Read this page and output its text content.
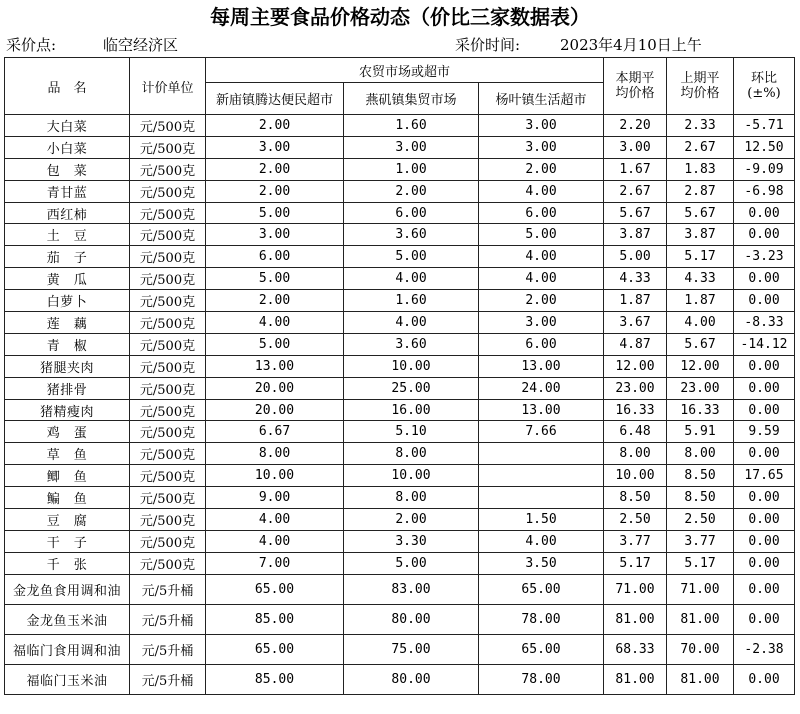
每周主要食品价格动态（价比三家数据表）
采价点:	临空经济区	采价时间:	2023年4月10日上午
品　名	计价单位	农贸市场或超市			本期平均价格	上期平均价格	环比(±%)

		新庙镇腾达便民超市	燕矶镇集贸市场	杨叶镇生活超市			
大白菜	元/500克	2.00	1.60	3.00	2.20	2.33	-5.71
小白菜	元/500克	3.00	3.00	3.00	3.00	2.67	12.50
包　菜	元/500克	2.00	1.00	2.00	1.67	1.83	-9.09
青甘蓝	元/500克	2.00	2.00	4.00	2.67	2.87	-6.98
西红柿	元/500克	5.00	6.00	6.00	5.67	5.67	0.00
土　豆	元/500克	3.00	3.60	5.00	3.87	3.87	0.00
茄　子	元/500克	6.00	5.00	4.00	5.00	5.17	-3.23
黄　瓜	元/500克	5.00	4.00	4.00	4.33	4.33	0.00
白萝卜	元/500克	2.00	1.60	2.00	1.87	1.87	0.00
莲　藕	元/500克	4.00	4.00	3.00	3.67	4.00	-8.33
青　椒	元/500克	5.00	3.60	6.00	4.87	5.67	-14.12
猪腿夹肉	元/500克	13.00	10.00	13.00	12.00	12.00	0.00
猪排骨	元/500克	20.00	25.00	24.00	23.00	23.00	0.00
猪精瘦肉	元/500克	20.00	16.00	13.00	16.33	16.33	0.00
鸡　蛋	元/500克	6.67	5.10	7.66	6.48	5.91	9.59
草　鱼	元/500克	8.00	8.00		8.00	8.00	0.00
鲫　鱼	元/500克	10.00	10.00		10.00	8.50	17.65
鳊　鱼	元/500克	9.00	8.00		8.50	8.50	0.00
豆　腐	元/500克	4.00	2.00	1.50	2.50	2.50	0.00
干　子	元/500克	4.00	3.30	4.00	3.77	3.77	0.00
千　张	元/500克	7.00	5.00	3.50	5.17	5.17	0.00
金龙鱼食用调和油	元/5升桶	65.00	83.00	65.00	71.00	71.00	0.00
金龙鱼玉米油	元/5升桶	85.00	80.00	78.00	81.00	81.00	0.00
福临门食用调和油	元/5升桶	65.00	75.00	65.00	68.33	70.00	-2.38
福临门玉米油	元/5升桶	85.00	80.00	78.00	81.00	81.00	0.00
